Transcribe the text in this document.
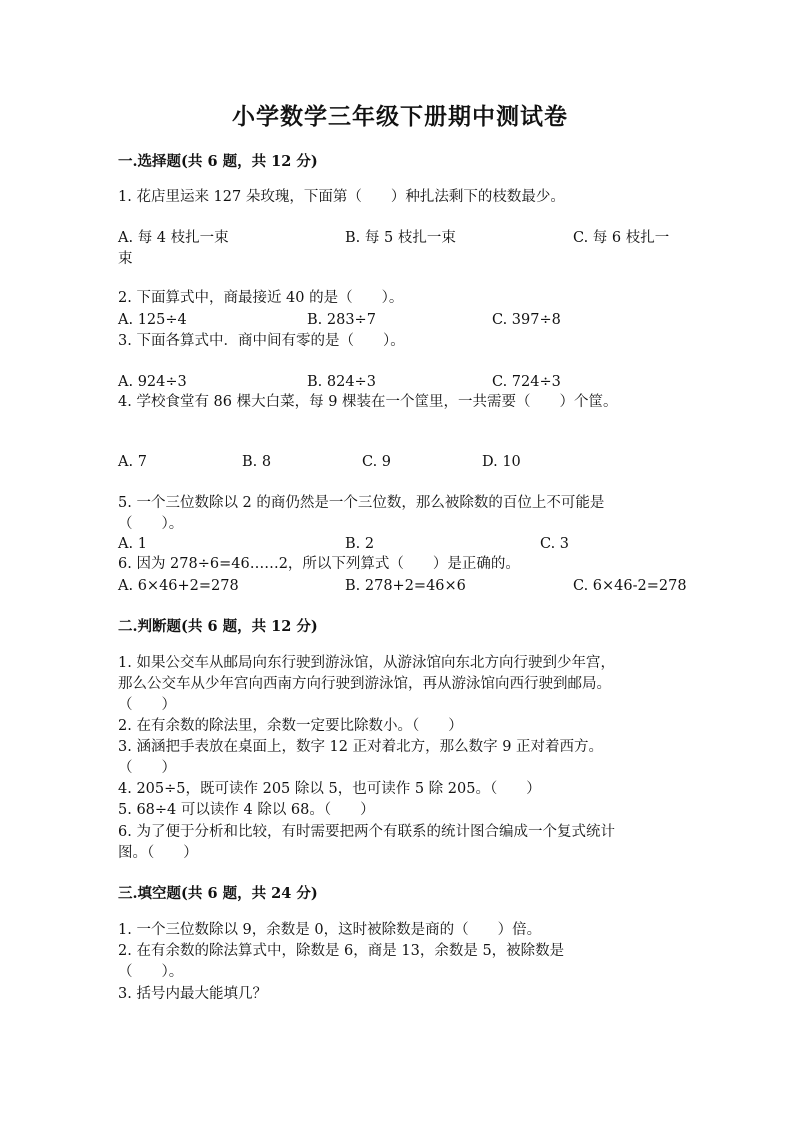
小学数学三年级下册期中测试卷
一.选择题(共 6 题，共 12 分)
1. 花店里运来 127 朵玫瑰，下面第（　　）种扎法剩下的枝数最少。
A. 每 4 枝扎一束	B. 每 5 枝扎一束	C. 每 6 枝扎一
束
2. 下面算式中，商最接近 40 的是（　　）。
A. 125÷4	B. 283÷7	C. 397÷8
3. 下面各算式中．商中间有零的是（　　）。
A. 924÷3	B. 824÷3	C. 724÷3
4. 学校食堂有 86 棵大白菜，每 9 棵装在一个筐里，一共需要（　　）个筐。
A. 7	B. 8	C. 9	D. 10
5. 一个三位数除以 2 的商仍然是一个三位数，那么被除数的百位上不可能是
（　　）。
A. 1	B. 2	C. 3
6. 因为 278÷6=46……2，所以下列算式（　　）是正确的。
A. 6×46+2=278	B. 278+2=46×6	C. 6×46-2=278
二.判断题(共 6 题，共 12 分)
1. 如果公交车从邮局向东行驶到游泳馆，从游泳馆向东北方向行驶到少年宫，
那么公交车从少年宫向西南方向行驶到游泳馆，再从游泳馆向西行驶到邮局。
（　　）
2. 在有余数的除法里，余数一定要比除数小。（　　）
3. 涵涵把手表放在桌面上，数字 12 正对着北方，那么数字 9 正对着西方。
（　　）
4. 205÷5，既可读作 205 除以 5，也可读作 5 除 205。（　　）
5. 68÷4 可以读作 4 除以 68。（　　）
6. 为了便于分析和比较，有时需要把两个有联系的统计图合编成一个复式统计
图。（　　）
三.填空题(共 6 题，共 24 分)
1. 一个三位数除以 9，余数是 0，这时被除数是商的（　　）倍。
2. 在有余数的除法算式中，除数是 6，商是 13，余数是 5，被除数是
（　　）。
3. 括号内最大能填几？
